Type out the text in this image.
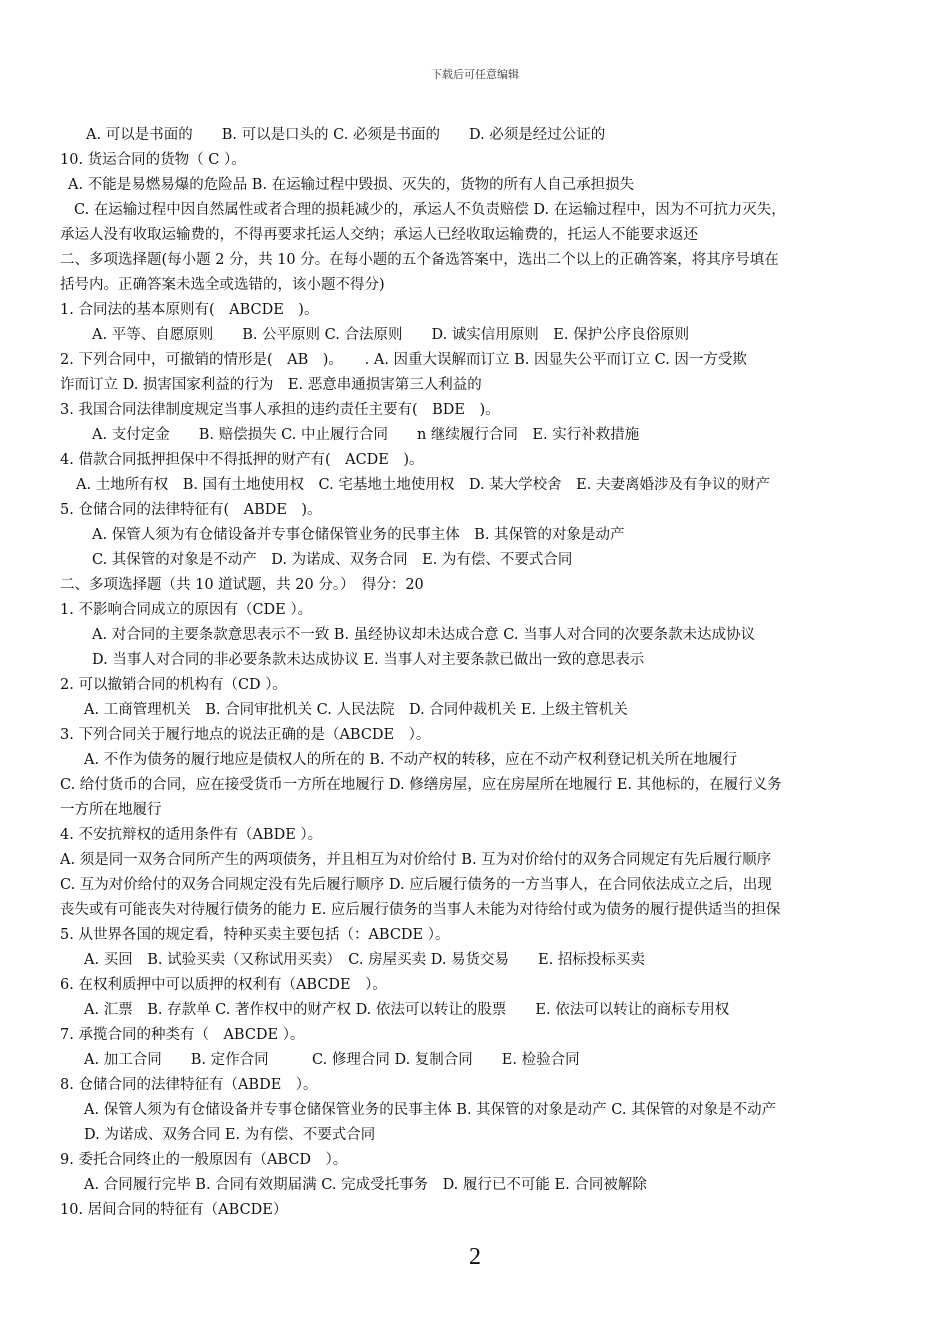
下载后可任意编辑
A. 可以是书面的　　B. 可以是口头的 C. 必须是书面的　　D. 必须是经过公证的
10. 货运合同的货物（ C ）。
A. 不能是易燃易爆的危险品 B. 在运输过程中毁损、灭失的，货物的所有人自己承担损失
C. 在运输过程中因自然属性或者合理的损耗减少的，承运人不负责赔偿 D. 在运输过程中，因为不可抗力灭失，
承运人没有收取运输费的，不得再要求托运人交纳；承运人已经收取运输费的，托运人不能要求返还
二、多项选择题(每小题 2 分，共 10 分。在每小题的五个备选答案中，选出二个以上的正确答案，将其序号填在
括号内。正确答案未选全或选错的，该小题不得分)
1. 合同法的基本原则有(　ABCDE　)。
A. 平等、自愿原则　　B. 公平原则 C. 合法原则　　D. 诚实信用原则　E. 保护公序良俗原则
2. 下列合同中，可撤销的情形是(　AB　)。　　. A. 因重大误解而订立 B. 因显失公平而订立 C. 因一方受欺
诈而订立 D. 损害国家利益的行为　E. 恶意串通损害第三人利益的
3. 我国合同法律制度规定当事人承担的违约责任主要有(　BDE　)。
A. 支付定金　　B. 赔偿损失 C. 中止履行合同　　n 继续履行合同　E. 实行补救措施
4. 借款合同抵押担保中不得抵押的财产有(　ACDE　)。
A. 土地所有权　B. 国有土地使用权　C. 宅基地土地使用权　D. 某大学校舍　E. 夫妻离婚涉及有争议的财产
5. 仓储合同的法律特征有(　ABDE　)。
A. 保管人须为有仓储设备并专事仓储保管业务的民事主体　B. 其保管的对象是动产
C. 其保管的对象是不动产　D. 为诺成、双务合同　E. 为有偿、不要式合同
二、多项选择题（共 10 道试题，共 20 分。）　得分：20
1. 不影响合同成立的原因有（CDE ）。
A. 对合同的主要条款意思表示不一致 B. 虽经协议却未达成合意 C. 当事人对合同的次要条款未达成协议
D. 当事人对合同的非必要条款未达成协议 E. 当事人对主要条款已做出一致的意思表示
2. 可以撤销合同的机构有（CD ）。
A. 工商管理机关　B. 合同审批机关 C. 人民法院　D. 合同仲裁机关 E. 上级主管机关
3. 下列合同关于履行地点的说法正确的是（ABCDE　）。
A. 不作为债务的履行地应是债权人的所在的 B. 不动产权的转移，应在不动产权利登记机关所在地履行
C. 给付货币的合同，应在接受货币一方所在地履行 D. 修缮房屋，应在房屋所在地履行 E. 其他标的，在履行义务
一方所在地履行
4. 不安抗辩权的适用条件有（ABDE ）。
A. 须是同一双务合同所产生的两项债务，并且相互为对价给付 B. 互为对价给付的双务合同规定有先后履行顺序
C. 互为对价给付的双务合同规定没有先后履行顺序 D. 应后履行债务的一方当事人，在合同依法成立之后，出现
丧失或有可能丧失对待履行债务的能力 E. 应后履行债务的当事人未能为对待给付或为债务的履行提供适当的担保
5. 从世界各国的规定看，特种买卖主要包括（：ABCDE ）。
A. 买回　B. 试验买卖（又称试用买卖）　C. 房屋买卖 D. 易货交易　　E. 招标投标买卖
6. 在权利质押中可以质押的权利有（ABCDE　）。
A. 汇票　B. 存款单 C. 著作权中的财产权 D. 依法可以转让的股票　　E. 依法可以转让的商标专用权
7. 承揽合同的种类有（　ABCDE ）。
A. 加工合同　　B. 定作合同　　　C. 修理合同 D. 复制合同　　E. 检验合同
8. 仓储合同的法律特征有（ABDE　）。
A. 保管人须为有仓储设备并专事仓储保管业务的民事主体 B. 其保管的对象是动产 C. 其保管的对象是不动产
D. 为诺成、双务合同 E. 为有偿、不要式合同
9. 委托合同终止的一般原因有（ABCD　）。
A. 合同履行完毕 B. 合同有效期届满 C. 完成受托事务　D. 履行已不可能 E. 合同被解除
10. 居间合同的特征有（ABCDE）
2
